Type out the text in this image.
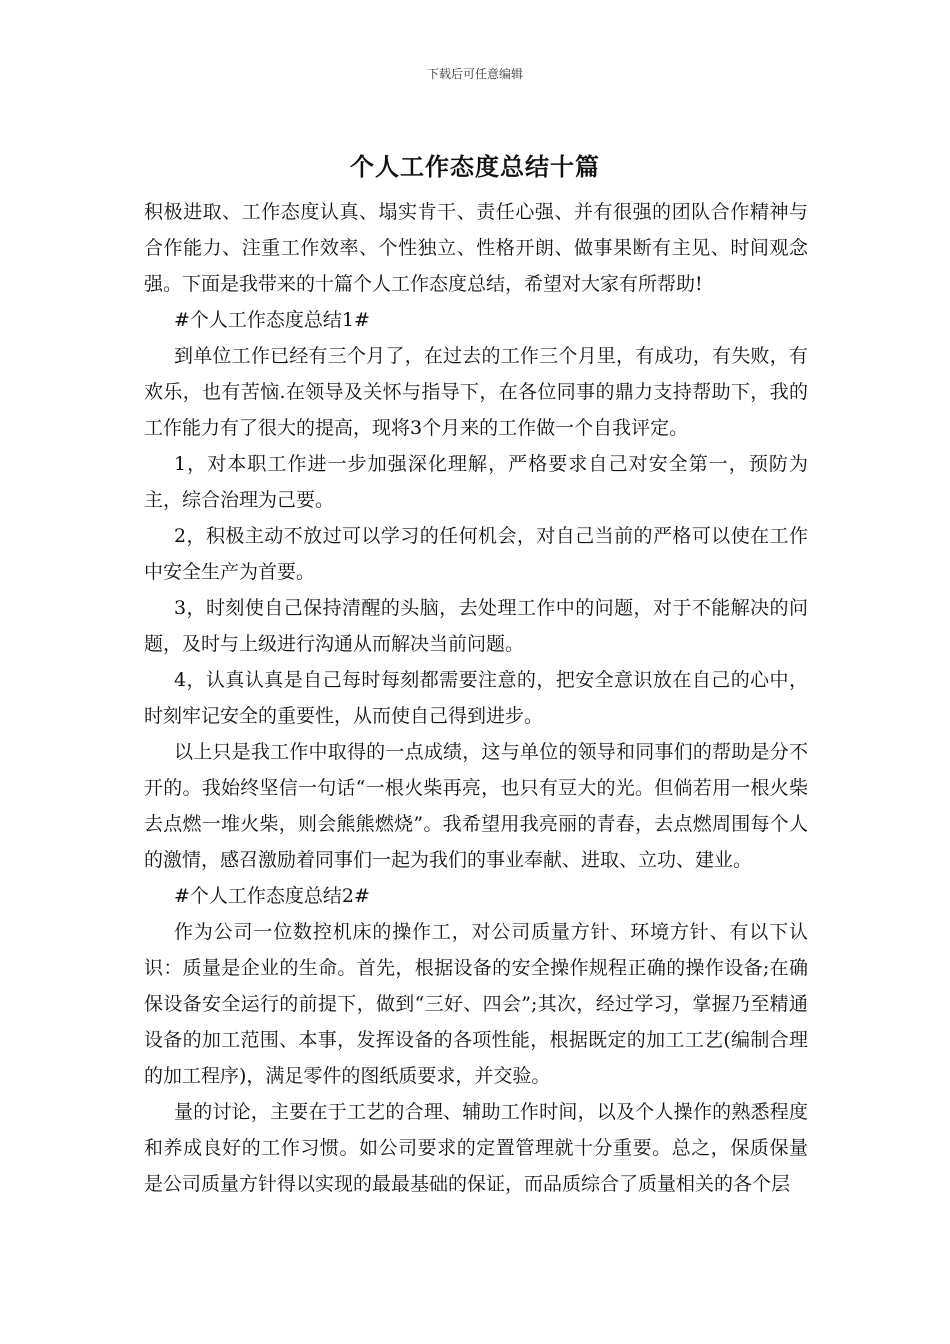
下载后可任意编辑
个人工作态度总结十篇

积极进取、工作态度认真、塌实肯干、责任心强、并有很强的团队合作精神与合作能力、注重工作效率、个性独立、性格开朗、做事果断有主见、时间观念强。下面是我带来的十篇个人工作态度总结，希望对大家有所帮助!

#个人工作态度总结1#

到单位工作已经有三个月了，在过去的工作三个月里，有成功，有失败，有欢乐，也有苦恼.在领导及关怀与指导下，在各位同事的鼎力支持帮助下，我的工作能力有了很大的提高，现将3个月来的工作做一个自我评定。

1，对本职工作进一步加强深化理解，严格要求自己对安全第一，预防为主，综合治理为己要。

2，积极主动不放过可以学习的任何机会，对自己当前的严格可以使在工作中安全生产为首要。

3，时刻使自己保持清醒的头脑，去处理工作中的问题，对于不能解决的问题，及时与上级进行沟通从而解决当前问题。

4，认真认真是自己每时每刻都需要注意的，把安全意识放在自己的心中，时刻牢记安全的重要性，从而使自己得到进步。

以上只是我工作中取得的一点成绩，这与单位的领导和同事们的帮助是分不开的。我始终坚信一句话“一根火柴再亮，也只有豆大的光。但倘若用一根火柴去点燃一堆火柴，则会熊熊燃烧”。我希望用我亮丽的青春，去点燃周围每个人的激情，感召激励着同事们一起为我们的事业奉献、进取、立功、建业。

#个人工作态度总结2#

作为公司一位数控机床的操作工，对公司质量方针、环境方针、有以下认识：质量是企业的生命。首先，根据设备的安全操作规程正确的操作设备;在确保设备安全运行的前提下，做到“三好、四会”;其次，经过学习，掌握乃至精通设备的加工范围、本事，发挥设备的各项性能，根据既定的加工工艺(编制合理的加工程序)，满足零件的图纸质要求，并交验。

量的讨论，主要在于工艺的合理、辅助工作时间，以及个人操作的熟悉程度和养成良好的工作习惯。如公司要求的定置管理就十分重要。总之，保质保量是公司质量方针得以实现的最最基础的保证，而品质综合了质量相关的各个层
